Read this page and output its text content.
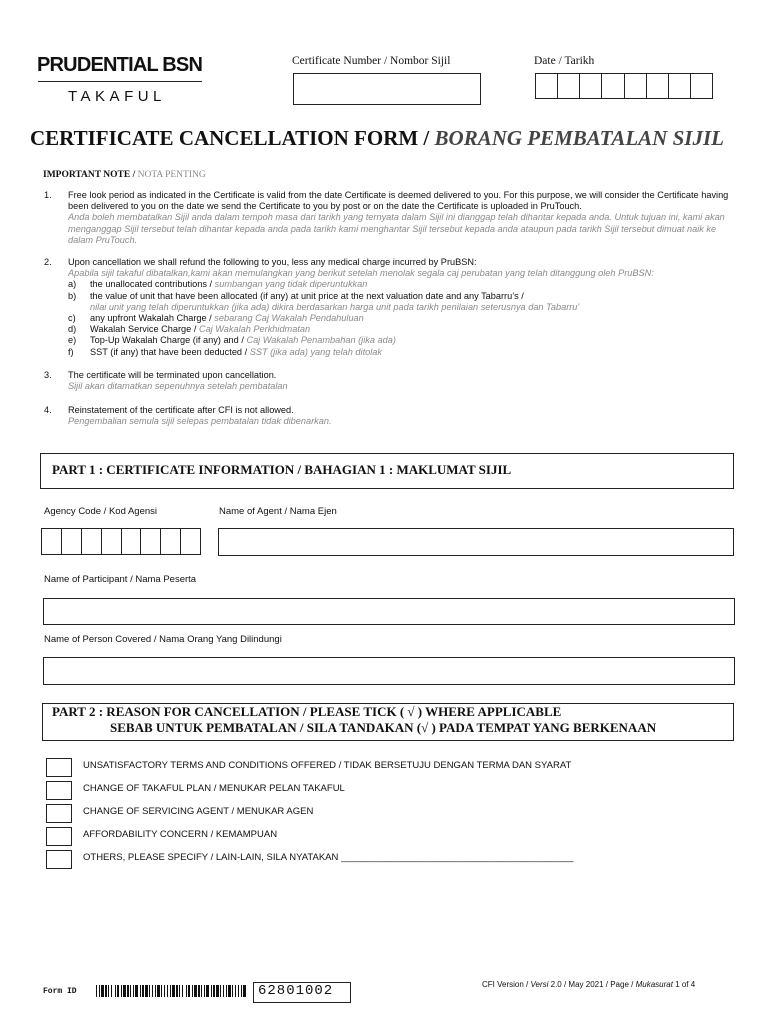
PRUDENTIAL BSN
TAKAFUL
Certificate Number / Nombor Sijil	Date / Tarikh
CERTIFICATE CANCELLATION FORM / BORANG PEMBATALAN SIJIL
IMPORTANT NOTE / NOTA PENTING
1. Free look period as indicated in the Certificate is valid from the date Certificate is deemed delivered to you. For this purpose, we will consider the Certificate having been delivered to you on the date we send the Certificate to you by post or on the date the Certificate is uploaded in PruTouch.
Anda boleh membatalkan Sijil anda dalam tempoh masa dari tarikh yang ternyata dalam Sijil ini dianggap telah dihantar kepada anda. Untuk tujuan ini, kami akan menganggap Sijil tersebut telah dihantar kepada anda pada tarikh kami menghantar Sijil tersebut kepada anda ataupun pada tarikh Sijil tersebut dimuat naik ke dalam PruTouch.
2. Upon cancellation we shall refund the following to you, less any medical charge incurred by PruBSN:
Apabila sijil takaful dibatalkan,kami akan memulangkan yang berikut setelah menolak segala caj perubatan yang telah ditanggung oleh PruBSN:
a)	the unallocated contributions / sumbangan yang tidak diperuntukkan
b)	the value of unit that have been allocated (if any) at unit price at the next valuation date and any Tabarru’s /
nilai unit yang telah diperuntukkan (jika ada) dikira berdasarkan harga unit pada tarikh penilaian seterusnya dan Tabarru’
c)	any upfront Wakalah Charge / sebarang Caj Wakalah Pendahuluan
d)	Wakalah Service Charge / Caj Wakalah Perkhidmatan
e)	Top-Up Wakalah Charge (if any) and / Caj Wakalah Penambahan (jika ada)
f)	SST (if any) that have been deducted / SST (jika ada) yang telah ditolak
3. The certificate will be terminated upon cancellation.
Sijil akan ditamatkan sepenuhnya setelah pembatalan
4. Reinstatement of the certificate after CFI is not allowed.
Pengembalian semula sijil selepas pembatalan tidak dibenarkan.
PART 1 : CERTIFICATE INFORMATION / BAHAGIAN 1 : MAKLUMAT SIJIL
Agency Code / Kod Agensi	Name of Agent / Nama Ejen
Name of Participant / Nama Peserta
Name of Person Covered / Nama Orang Yang Dilindungi
PART 2 : REASON FOR CANCELLATION / PLEASE TICK ( √ ) WHERE APPLICABLE
SEBAB UNTUK PEMBATALAN / SILA TANDAKAN (√ ) PADA TEMPAT YANG BERKENAAN
UNSATISFACTORY TERMS AND CONDITIONS OFFERED / TIDAK BERSETUJU DENGAN TERMA DAN SYARAT
CHANGE OF TAKAFUL PLAN / MENUKAR PELAN TAKAFUL
CHANGE OF SERVICING AGENT / MENUKAR AGEN
AFFORDABILITY CONCERN / KEMAMPUAN
OTHERS, PLEASE SPECIFY / LAIN-LAIN, SILA NYATAKAN ____________________________________________
Form ID	62801002	CFI Version / Versi 2.0 / May 2021 / Page / Mukasurat 1 of 4
